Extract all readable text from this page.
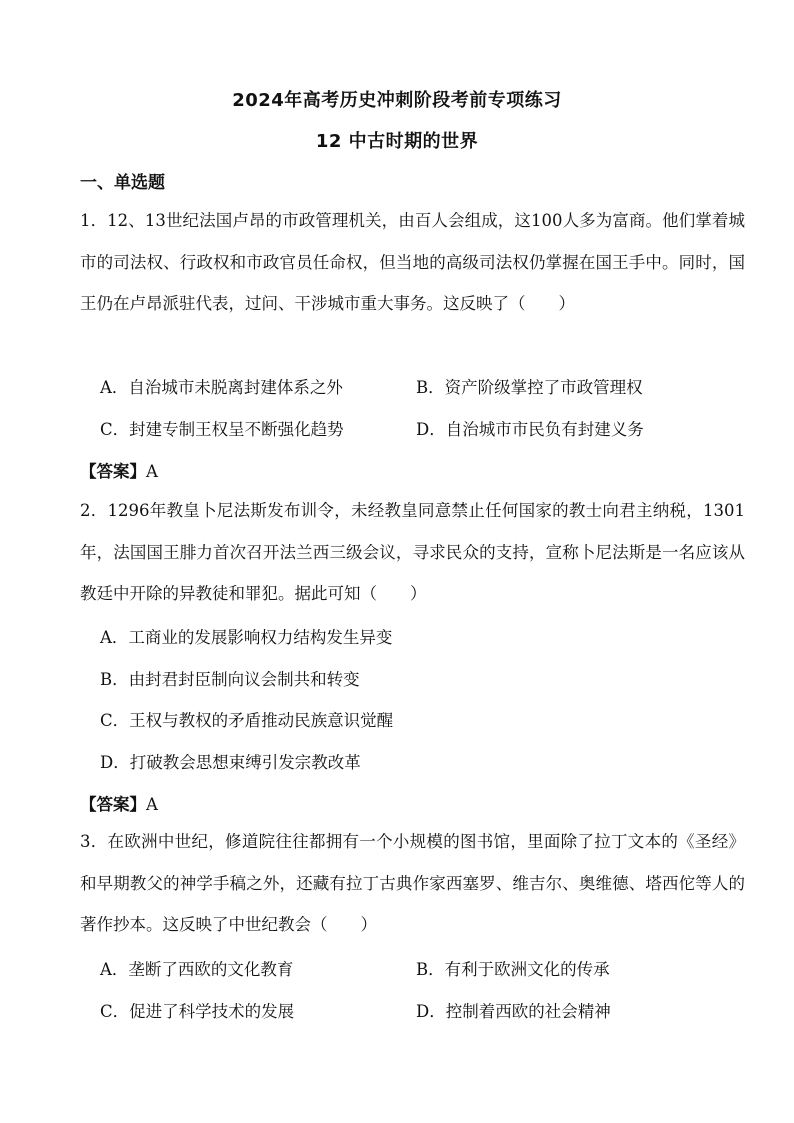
2024年高考历史冲刺阶段考前专项练习
12 中古时期的世界
一、单选题

1．12、13世纪法国卢昂的市政管理机关，由百人会组成，这100人多为富商。他们掌着城市的司法权、行政权和市政官员任命权，但当地的高级司法权仍掌握在国王手中。同时，国王仍在卢昂派驻代表，过问、干涉城市重大事务。这反映了（　　）

A．自治城市未脱离封建体系之外	B．资产阶级掌控了市政管理权
C．封建专制王权呈不断强化趋势	D．自治城市市民负有封建义务
【答案】A

2．1296年教皇卜尼法斯发布训令，未经教皇同意禁止任何国家的教士向君主纳税，1301年，法国国王腓力首次召开法兰西三级会议，寻求民众的支持，宣称卜尼法斯是一名应该从教廷中开除的异教徒和罪犯。据此可知（　　）

A．工商业的发展影响权力结构发生异变
B．由封君封臣制向议会制共和转变
C．王权与教权的矛盾推动民族意识觉醒
D．打破教会思想束缚引发宗教改革
【答案】A

3．在欧洲中世纪，修道院往往都拥有一个小规模的图书馆，里面除了拉丁文本的《圣经》和早期教父的神学手稿之外，还藏有拉丁古典作家西塞罗、维吉尔、奥维德、塔西佗等人的著作抄本。这反映了中世纪教会（　　）

A．垄断了西欧的文化教育	B．有利于欧洲文化的传承
C．促进了科学技术的发展	D．控制着西欧的社会精神
